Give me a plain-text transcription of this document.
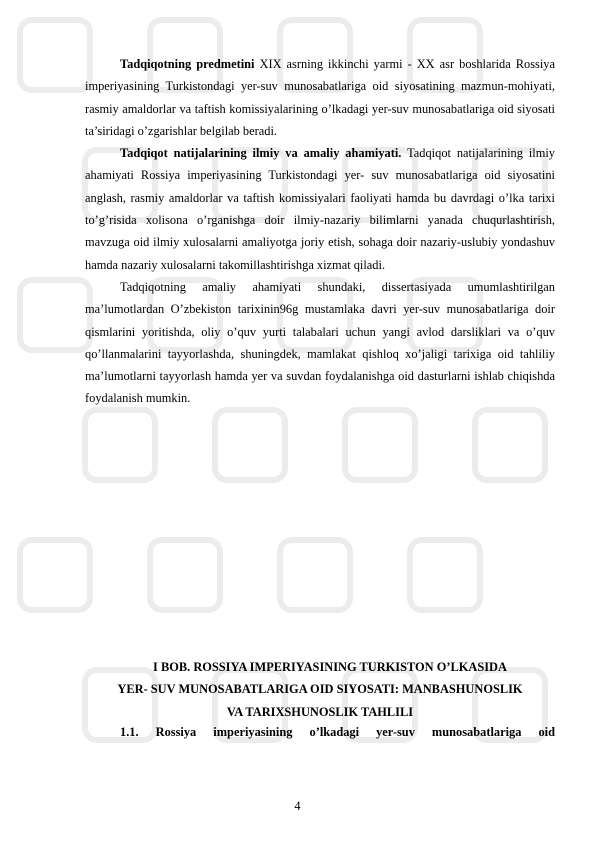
Tadqiqotning predmetini XIX asrning ikkinchi yarmi - XX asr boshlarida Rossiya imperiyasining Turkistondagi yer-suv munosabatlariga oid siyosatining mazmun-mohiyati, rasmiy amaldorlar va taftish komissiyalarining o’lkadagi yer-suv munosabatlariga oid siyosati ta’siridagi o’zgarishlar belgilab beradi.

Tadqiqot natijalarining ilmiy va amaliy ahamiyati. Tadqiqot natijalarining ilmiy ahamiyati Rossiya imperiyasining Turkistondagi yer- suv munosabatlariga oid siyosatini anglash, rasmiy amaldorlar va taftish komissiyalari faoliyati hamda bu davrdagi o’lka tarixi to’g’risida xolisona o’rganishga doir ilmiy-nazariy bilimlarni yanada chuqurlashtirish, mavzuga oid ilmiy xulosalarni amaliyotga joriy etish, sohaga doir nazariy-uslubiy yondashuv hamda nazariy xulosalarni takomillashtirishga xizmat qiladi.

Tadqiqotning amaliy ahamiyati shundaki, dissertasiyada umumlashtirilgan ma’lumotlardan O’zbekiston tarixinin96g mustamlaka davri yer-suv munosabatlariga doir qismlarini yoritishda, oliy o’quv yurti talabalari uchun yangi avlod darsliklari va o’quv qo’llanmalarini tayyorlashda, shuningdek, mamlakat qishloq xo’jaligi tarixiga oid tahliliy ma’lumotlarni tayyorlash hamda yer va suvdan foydalanishga oid dasturlarni ishlab chiqishda foydalanish mumkin.

I BOB. ROSSIYA IMPERIYASINING TURKISTON O’LKASIDA
YER- SUV MUNOSABATLARIGA OID SIYOSATI: MANBASHUNOSLIK
VA TARIXSHUNOSLIK TAHLILI
1.1. Rossiya imperiyasining o’lkadagi yer-suv munosabatlariga oid
4
